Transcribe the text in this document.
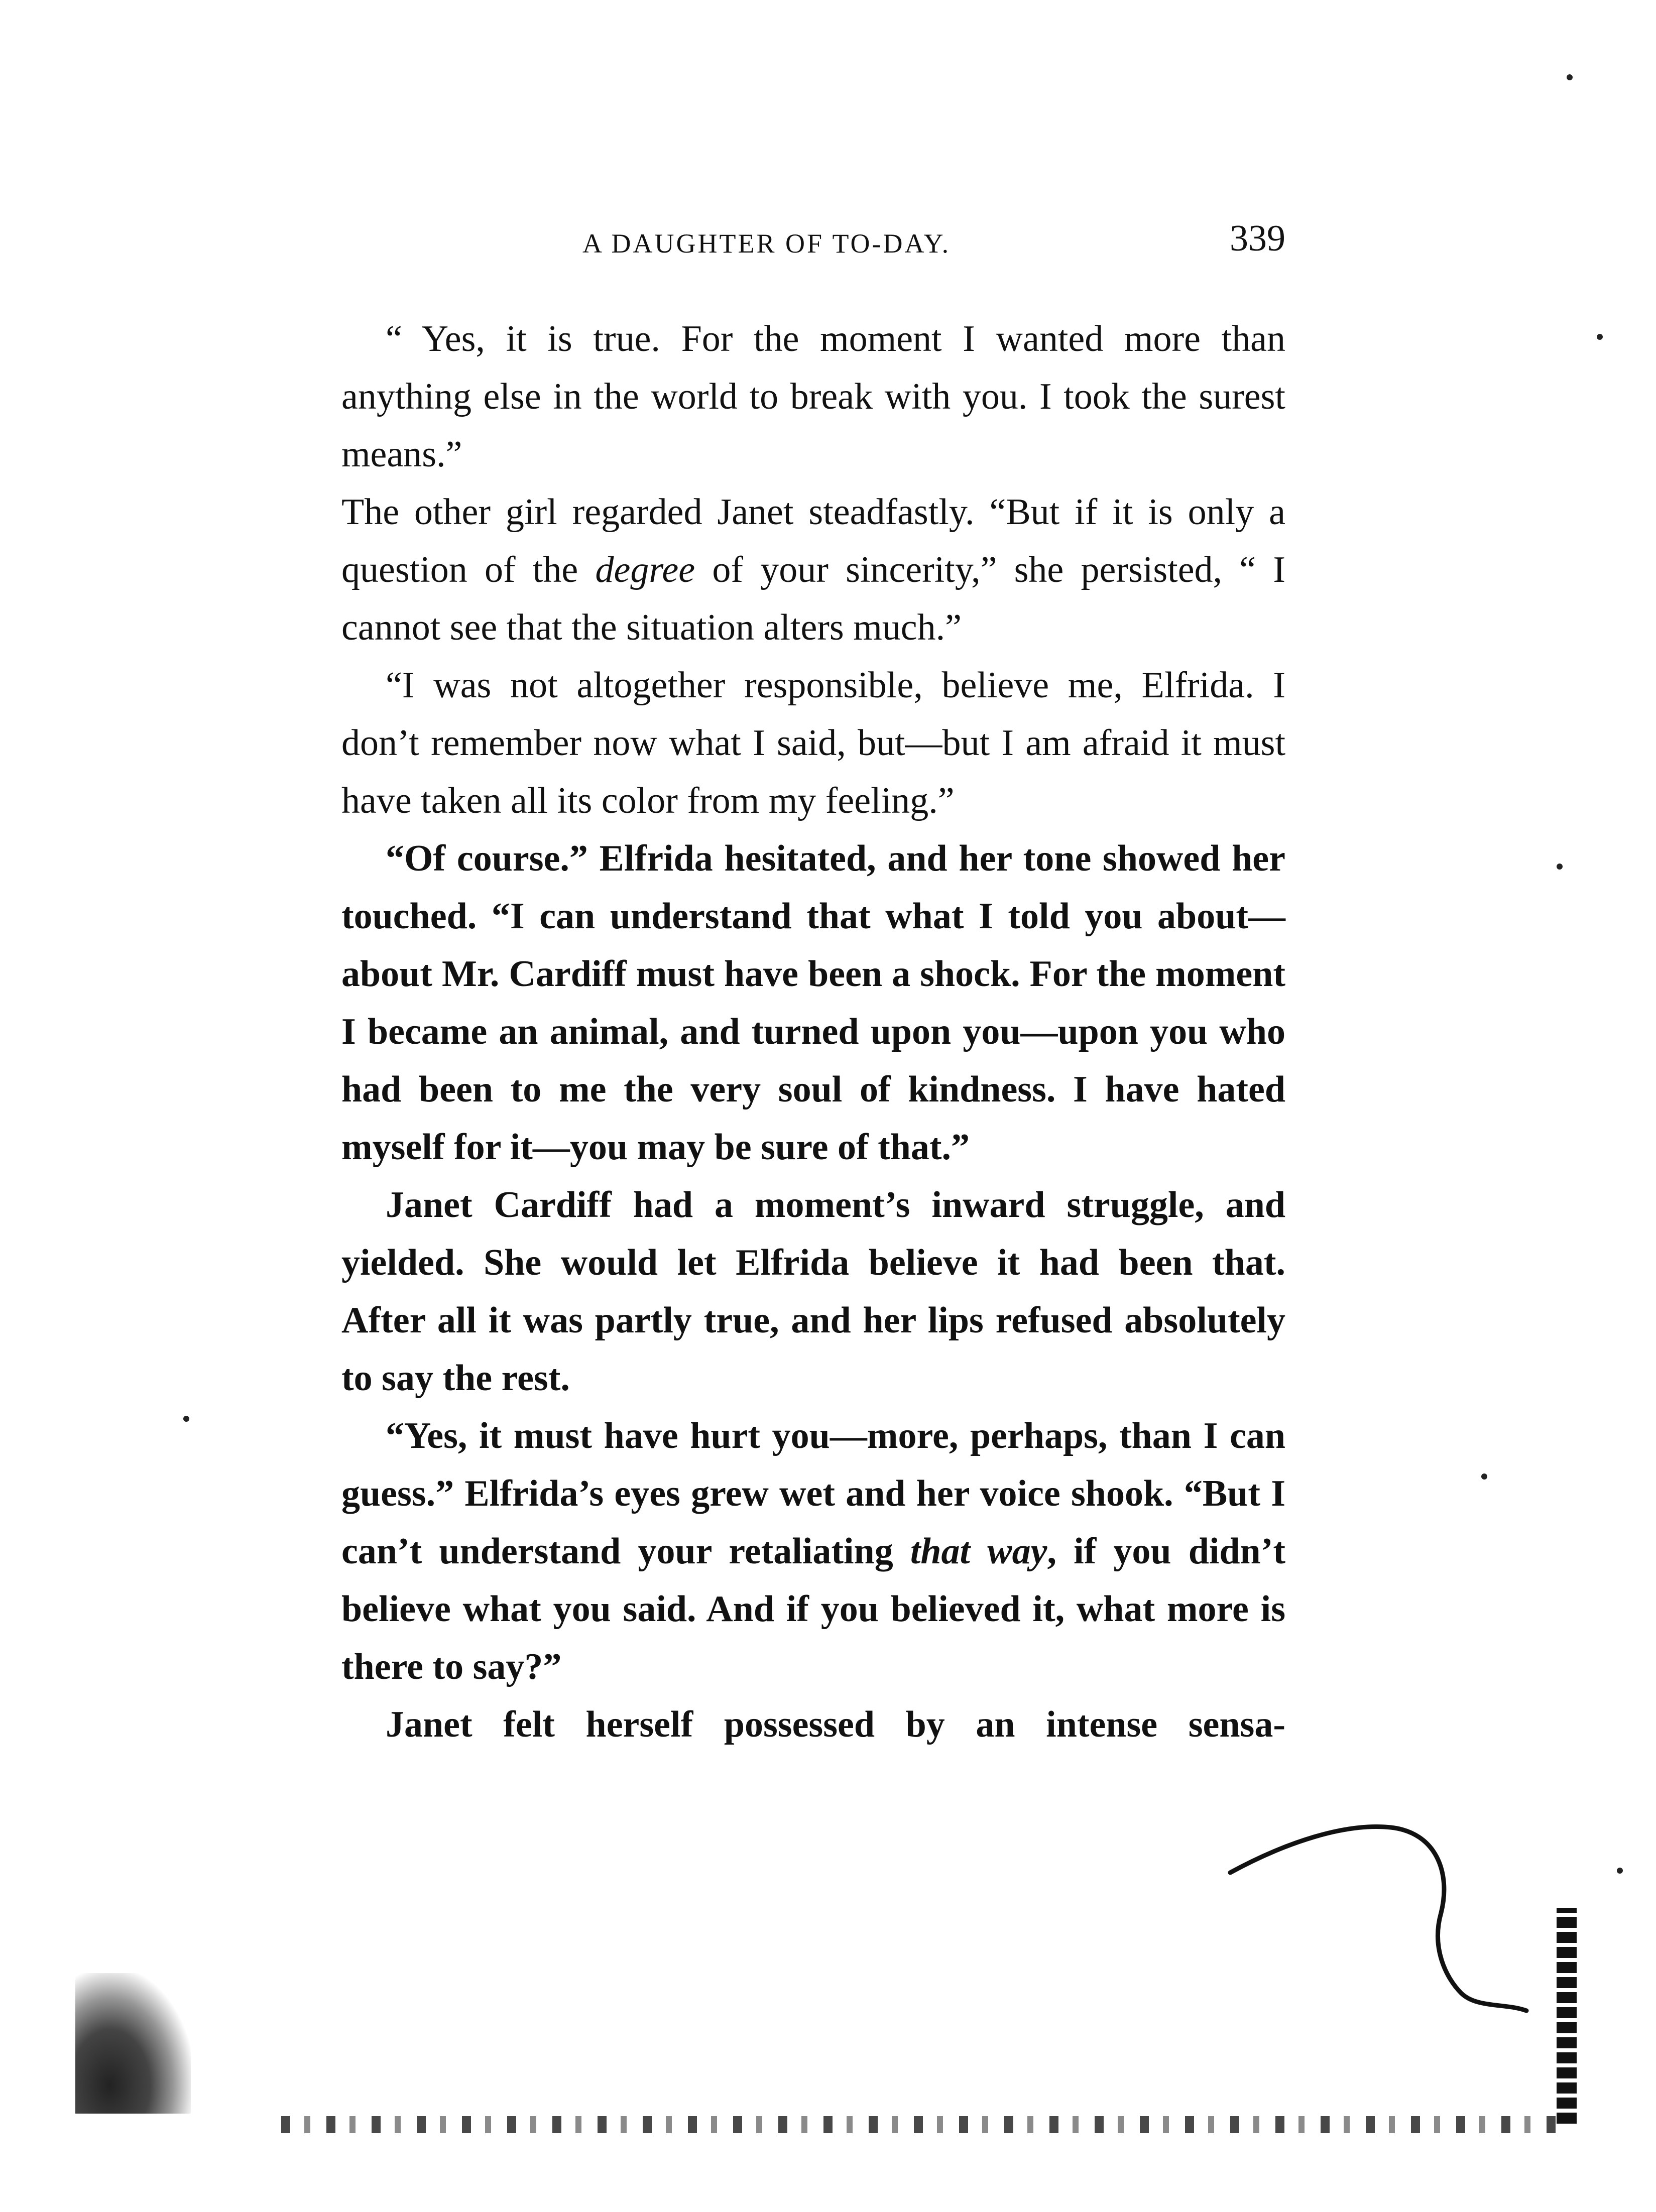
A DAUGHTER OF TO-DAY.	339

“ Yes, it is true. For the moment I wanted more than anything else in the world to break with you. I took the surest means.”

The other girl regarded Janet steadfastly. “But if it is only a question of the degree of your sincerity,” she persisted, “ I cannot see that the situation alters much.”

“I was not altogether responsible, believe me, Elfrida. I don’t remember now what I said, but—but I am afraid it must have taken all its color from my feeling.”

“Of course.” Elfrida hesitated, and her tone showed her touched. “I can understand that what I told you about—about Mr. Cardiff must have been a shock. For the moment I became an animal, and turned upon you—upon you who had been to me the very soul of kindness. I have hated myself for it—you may be sure of that.”

Janet Cardiff had a moment’s inward struggle, and yielded. She would let Elfrida believe it had been that. After all it was partly true, and her lips refused absolutely to say the rest.

“Yes, it must have hurt you—more, perhaps, than I can guess.” Elfrida’s eyes grew wet and her voice shook. “But I can’t understand your retaliating that way, if you didn’t believe what you said. And if you believed it, what more is there to say?”

Janet felt herself possessed by an intense sensa-
